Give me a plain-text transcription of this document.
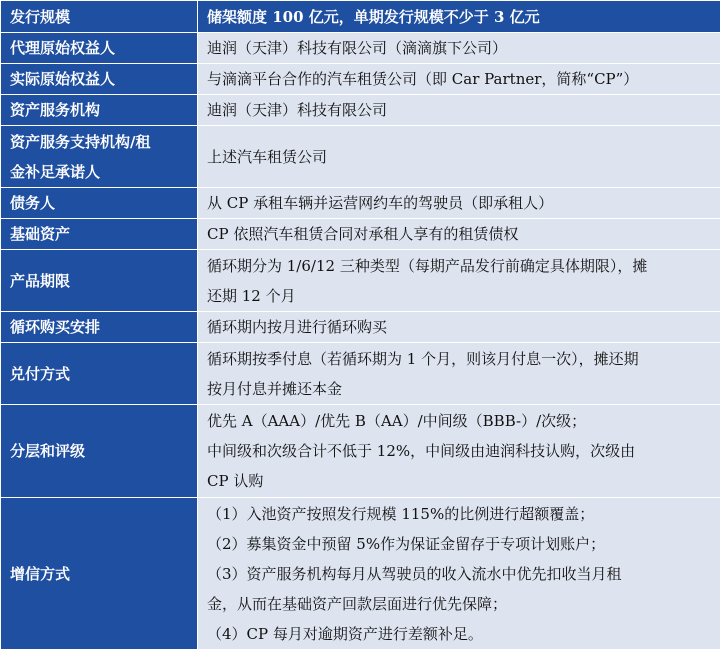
发行规模	储架额度 100 亿元，单期发行规模不少于 3 亿元

代理原始权益人	迪润（天津）科技有限公司（滴滴旗下公司）

实际原始权益人	与滴滴平台合作的汽车租赁公司（即 Car Partner，简称“CP”）

资产服务机构	迪润（天津）科技有限公司

资产服务支持机构/租
金补足承诺人	上述汽车租赁公司

债务人	从 CP 承租车辆并运营网约车的驾驶员（即承租人）

基础资产	CP 依照汽车租赁合同对承租人享有的租赁债权

产品期限	循环期分为 1/6/12 三种类型（每期产品发行前确定具体期限），摊
还期 12 个月

循环购买安排	循环期内按月进行循环购买

兑付方式	循环期按季付息（若循环期为 1 个月，则该月付息一次），摊还期
按月付息并摊还本金

分层和评级	优先 A（AAA）/优先 B（AA）/中间级（BBB-）/次级；
中间级和次级合计不低于 12%，中间级由迪润科技认购，次级由
CP 认购

增信方式	（1）入池资产按照发行规模 115%的比例进行超额覆盖；
（2）募集资金中预留 5%作为保证金留存于专项计划账户；
（3）资产服务机构每月从驾驶员的收入流水中优先扣收当月租
金，从而在基础资产回款层面进行优先保障；
（4）CP 每月对逾期资产进行差额补足。
